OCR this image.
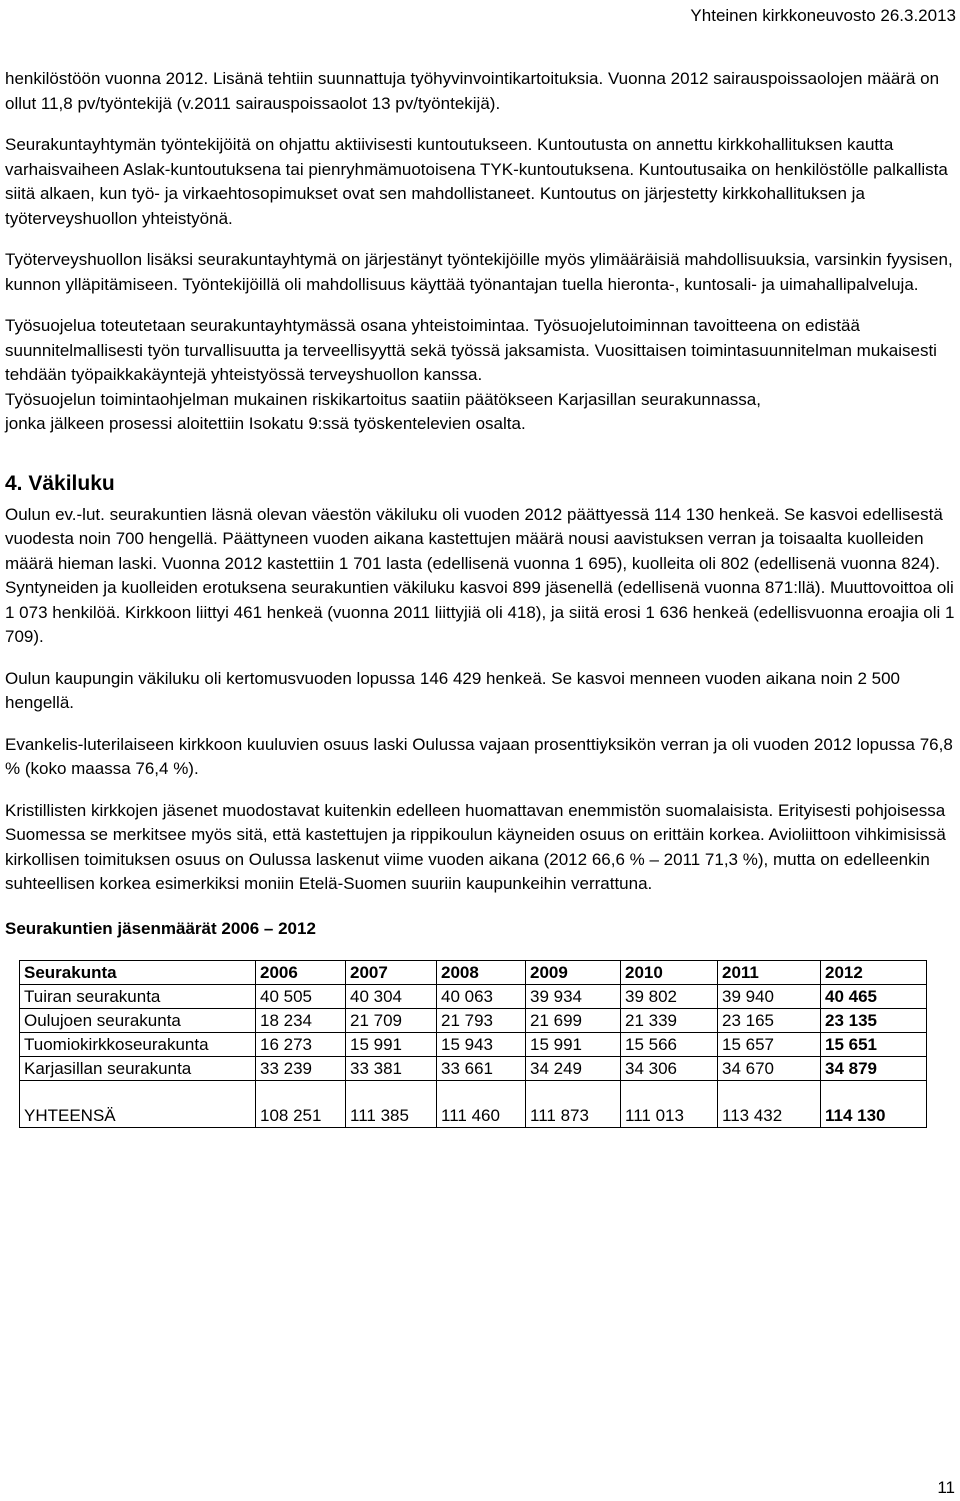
Yhteinen kirkkoneuvosto 26.3.2013

henkilöstöön vuonna 2012. Lisänä tehtiin suunnattuja työhyvinvointikartoituksia. Vuonna 2012 sairauspoissaolojen määrä on ollut 11,8 pv/työntekijä (v.2011 sairauspoissaolot 13 pv/työntekijä).

Seurakuntayhtymän työntekijöitä on ohjattu aktiivisesti kuntoutukseen. Kuntoutusta on annettu kirkkohallituksen kautta varhaisvaiheen Aslak-kuntoutuksena tai pienryhmämuotoisena TYK-kuntoutuksena. Kuntoutusaika on henkilöstölle palkallista siitä alkaen, kun työ- ja virkaehtosopimukset ovat sen mahdollistaneet. Kuntoutus on järjestetty kirkkohallituksen ja työterveyshuollon yhteistyönä.

Työterveyshuollon lisäksi seurakuntayhtymä on järjestänyt työntekijöille myös ylimääräisiä mahdollisuuksia, varsinkin fyysisen, kunnon ylläpitämiseen. Työntekijöillä oli mahdollisuus käyttää työnantajan tuella hieronta-, kuntosali- ja uimahallipalveluja.

Työsuojelua toteutetaan seurakuntayhtymässä osana yhteistoimintaa. Työsuojelutoiminnan tavoitteena on edistää suunnitelmallisesti työn turvallisuutta ja terveellisyyttä sekä työssä jaksamista. Vuosittaisen toimintasuunnitelman mukaisesti tehdään työpaikkakäyntejä yhteistyössä terveyshuollon kanssa.

Työsuojelun toimintaohjelman mukainen riskikartoitus saatiin päätökseen Karjasillan seurakunnassa,

jonka jälkeen prosessi aloitettiin Isokatu 9:ssä työskentelevien osalta.

4. Väkiluku

Oulun ev.-lut. seurakuntien läsnä olevan väestön väkiluku oli vuoden 2012 päättyessä 114 130 henkeä. Se kasvoi edellisestä vuodesta noin 700 hengellä. Päättyneen vuoden aikana kastettujen määrä nousi aavistuksen verran ja toisaalta kuolleiden määrä hieman laski. Vuonna 2012 kastettiin 1 701 lasta (edellisenä vuonna 1 695), kuolleita oli 802 (edellisenä vuonna 824). Syntyneiden ja kuolleiden erotuksena seurakuntien väkiluku kasvoi 899 jäsenellä (edellisenä vuonna 871:llä). Muuttovoittoa oli 1 073 henkilöä. Kirkkoon liittyi 461 henkeä (vuonna 2011 liittyjiä oli 418), ja siitä erosi 1 636 henkeä (edellisvuonna eroajia oli 1 709).

Oulun kaupungin väkiluku oli kertomusvuoden lopussa 146 429 henkeä. Se kasvoi menneen vuoden aikana noin 2 500 hengellä.

Evankelis-luterilaiseen kirkkoon kuuluvien osuus laski Oulussa vajaan prosenttiyksikön verran ja oli vuoden 2012 lopussa 76,8 % (koko maassa 76,4 %).

Kristillisten kirkkojen jäsenet muodostavat kuitenkin edelleen huomattavan enemmistön suomalaisista. Erityisesti pohjoisessa Suomessa se merkitsee myös sitä, että kastettujen ja rippikoulun käyneiden osuus on erittäin korkea. Avioliittoon vihkimisissä kirkollisen toimituksen osuus on Oulussa laskenut viime vuoden aikana (2012 66,6 % – 2011 71,3 %), mutta on edelleenkin suhteellisen korkea esimerkiksi moniin Etelä-Suomen suuriin kaupunkeihin verrattuna.

Seurakuntien jäsenmäärät 2006 – 2012
Seurakunta	2006	2007	2008	2009	2010	2011	2012
Tuiran seurakunta	40 505	40 304	40 063	39 934	39 802	39 940	40 465
Oulujoen seurakunta	18 234	21 709	21 793	21 699	21 339	23 165	23 135
Tuomiokirkkoseurakunta	16 273	15 991	15 943	15 991	15 566	15 657	15 651
Karjasillan seurakunta	33 239	33 381	33 661	34 249	34 306	34 670	34 879
YHTEENSÄ	108 251	111 385	111 460	111 873	111 013	113 432	114 130
11
